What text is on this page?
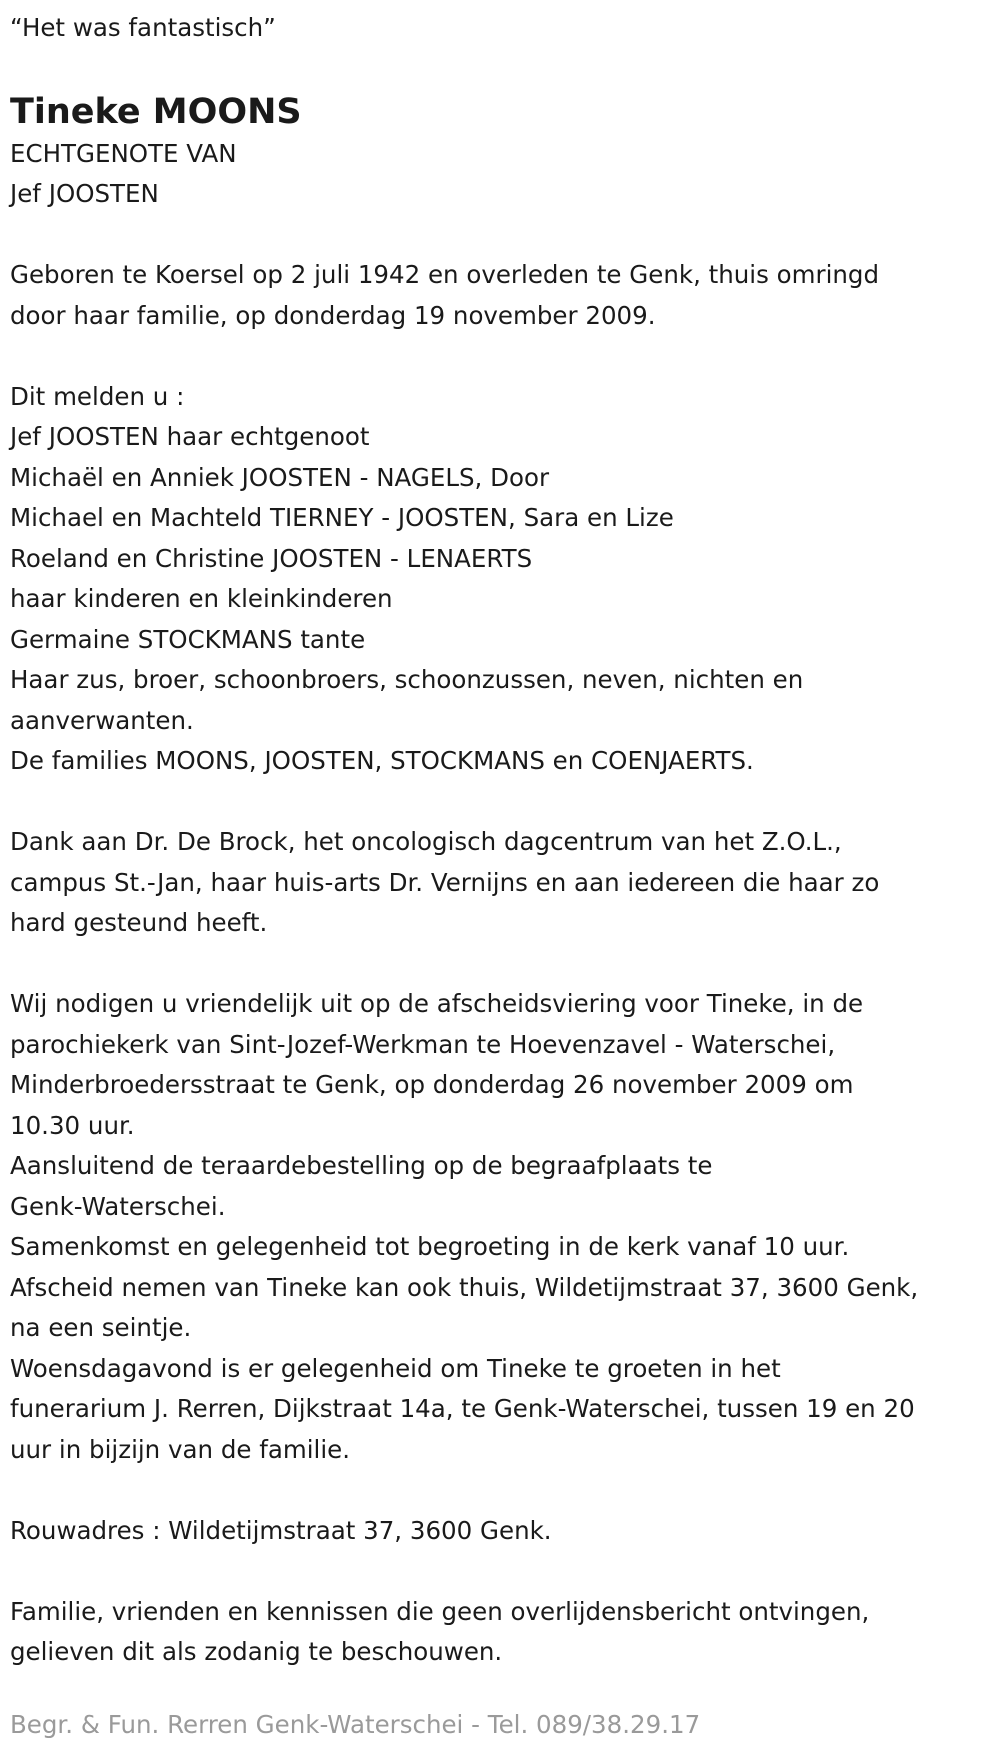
“Het was fantastisch”

Tineke MOONS

ECHTGENOTE VAN

Jef JOOSTEN

Geboren te Koersel op 2 juli 1942 en overleden te Genk, thuis omringd

door haar familie, op donderdag 19 november 2009.

Dit melden u :

Jef JOOSTEN haar echtgenoot

Michaël en Anniek JOOSTEN - NAGELS, Door

Michael en Machteld TIERNEY - JOOSTEN, Sara en Lize

Roeland en Christine JOOSTEN - LENAERTS

haar kinderen en kleinkinderen

Germaine STOCKMANS tante

Haar zus, broer, schoonbroers, schoonzussen, neven, nichten en

aanverwanten.

De families MOONS, JOOSTEN, STOCKMANS en COENJAERTS.

Dank aan Dr. De Brock, het oncologisch dagcentrum van het Z.O.L.,

campus St.-Jan, haar huis-arts Dr. Vernijns en aan iedereen die haar zo

hard gesteund heeft.

Wij nodigen u vriendelijk uit op de afscheidsviering voor Tineke, in de

parochiekerk van Sint-Jozef-Werkman te Hoevenzavel - Waterschei,

Minderbroedersstraat te Genk, op donderdag 26 november 2009 om

10.30 uur.

Aansluitend de teraardebestelling op de begraafplaats te

Genk-Waterschei.

Samenkomst en gelegenheid tot begroeting in de kerk vanaf 10 uur.

Afscheid nemen van Tineke kan ook thuis, Wildetijmstraat 37, 3600 Genk,

na een seintje.

Woensdagavond is er gelegenheid om Tineke te groeten in het

funerarium J. Rerren, Dijkstraat 14a, te Genk-Waterschei, tussen 19 en 20

uur in bijzijn van de familie.

Rouwadres : Wildetijmstraat 37, 3600 Genk.

Familie, vrienden en kennissen die geen overlijdensbericht ontvingen,

gelieven dit als zodanig te beschouwen.

Begr. & Fun. Rerren Genk-Waterschei - Tel. 089/38.29.17
